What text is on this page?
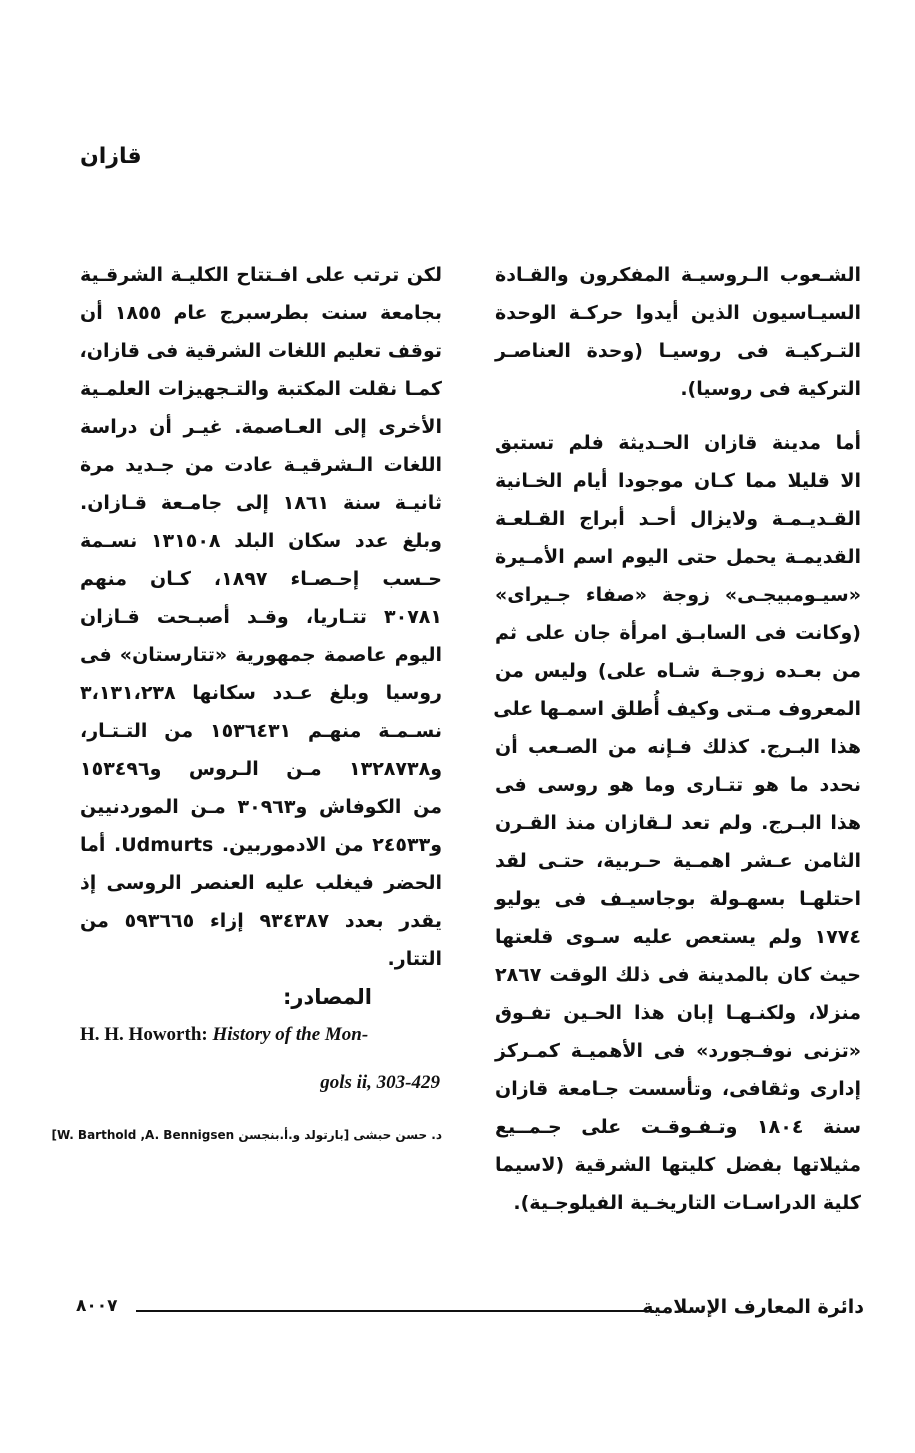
قازان
الشـعوب الـروسيـة المفكرون والقـادة
السيـاسيون الذين أيدوا حركـة الوحدة
التـركيـة فى روسيـا (وحدة العناصـر
التركية فى روسيا).
أما مدينة قازان الحـديثة فلم تستبق
الا قليلا مما كـان موجودا أيام الخـانية
القـديـمـة ولايزال أحـد أبراج القـلعـة
القديمـة يحمل حتى اليوم اسم الأمـيرة
«سيـومبيجـى» زوجة «صفاء جـيراى»
(وكانت فى السابـق امرأة جان على ثم
من بعـده زوجـة شـاه على) وليس من
المعروف مـتى وكيف أُطلق اسمـها على
هذا البـرج. كذلك فـإنه من الصـعب أن
نحدد ما هو تتـارى وما هو روسى فى
هذا البـرج. ولم تعد لـقازان منذ القـرن
الثامن عـشر اهمـية حـربية، حتـى لقد
احتلهـا بسهـولة بوجاسيـف فى يوليو
١٧٧٤ ولم يستعص عليه سـوى قلعتها
حيث كان بالمدينة فى ذلك الوقت ٢٨٦٧
منزلا، ولكنـهـا إبان هذا الحـين تفـوق
«تزنى نوفـجورد» فى الأهميـة كمـركز
إدارى وثقافى، وتأسست جـامعة قازان
سنة ١٨٠٤ وتـفـوقـت على جـمــيع
مثيلاتها بفضل كليتها الشرقية (لاسيما
كلية الدراسـات التاريخـية الفيلوجـية).
لكن ترتب على افـتتاح الكليـة الشرقـية
بجامعة سنت بطرسبرج عام ١٨٥٥ أن
توقف تعليم اللغات الشرقية فى قازان،
كمـا نقلت المكتبة والتـجهيزات العلمـية
الأخرى إلى العـاصمة. غيـر أن دراسة
اللغات الـشرقيـة عادت من جـديد مرة
ثانيـة سنة ١٨٦١ إلى جامـعة قـازان.
وبلغ عدد سكان البلد ١٣١٥٠٨ نسـمة
حـسب إحـصـاء ١٨٩٧، كـان منهم
٣٠٧٨١ تتـاريا، وقـد أصبـحت قـازان
اليوم عاصمة جمهورية «تتارستان» فى
روسيا وبلغ عـدد سكانها ٣،١٣١،٢٣٨
نسـمـة منهـم ١٥٣٦٤٣١ من التـتـار،
و١٣٢٨٧٣٨ مـن الـروس و١٥٣٤٩٦
من الكوفاش و٣٠٩٦٣ مـن الموردنيين
و٢٤٥٣٣ من الادموربين. Udmurts. أما
الحضر فيغلب عليه العنصر الروسى إذ
يقدر بعدد ٩٣٤٣٨٧ إزاء ٥٩٣٦٦٥ من
التتار.
المصادر:
H. H. Howorth: History of the Mon-
gols ii, 303-429
د. حسن حبشى [بارتولد و.أ.بنجسن W. Barthold ,A. Bennigsen]
٨٠٠٧	دائرة المعارف الإسلامية
